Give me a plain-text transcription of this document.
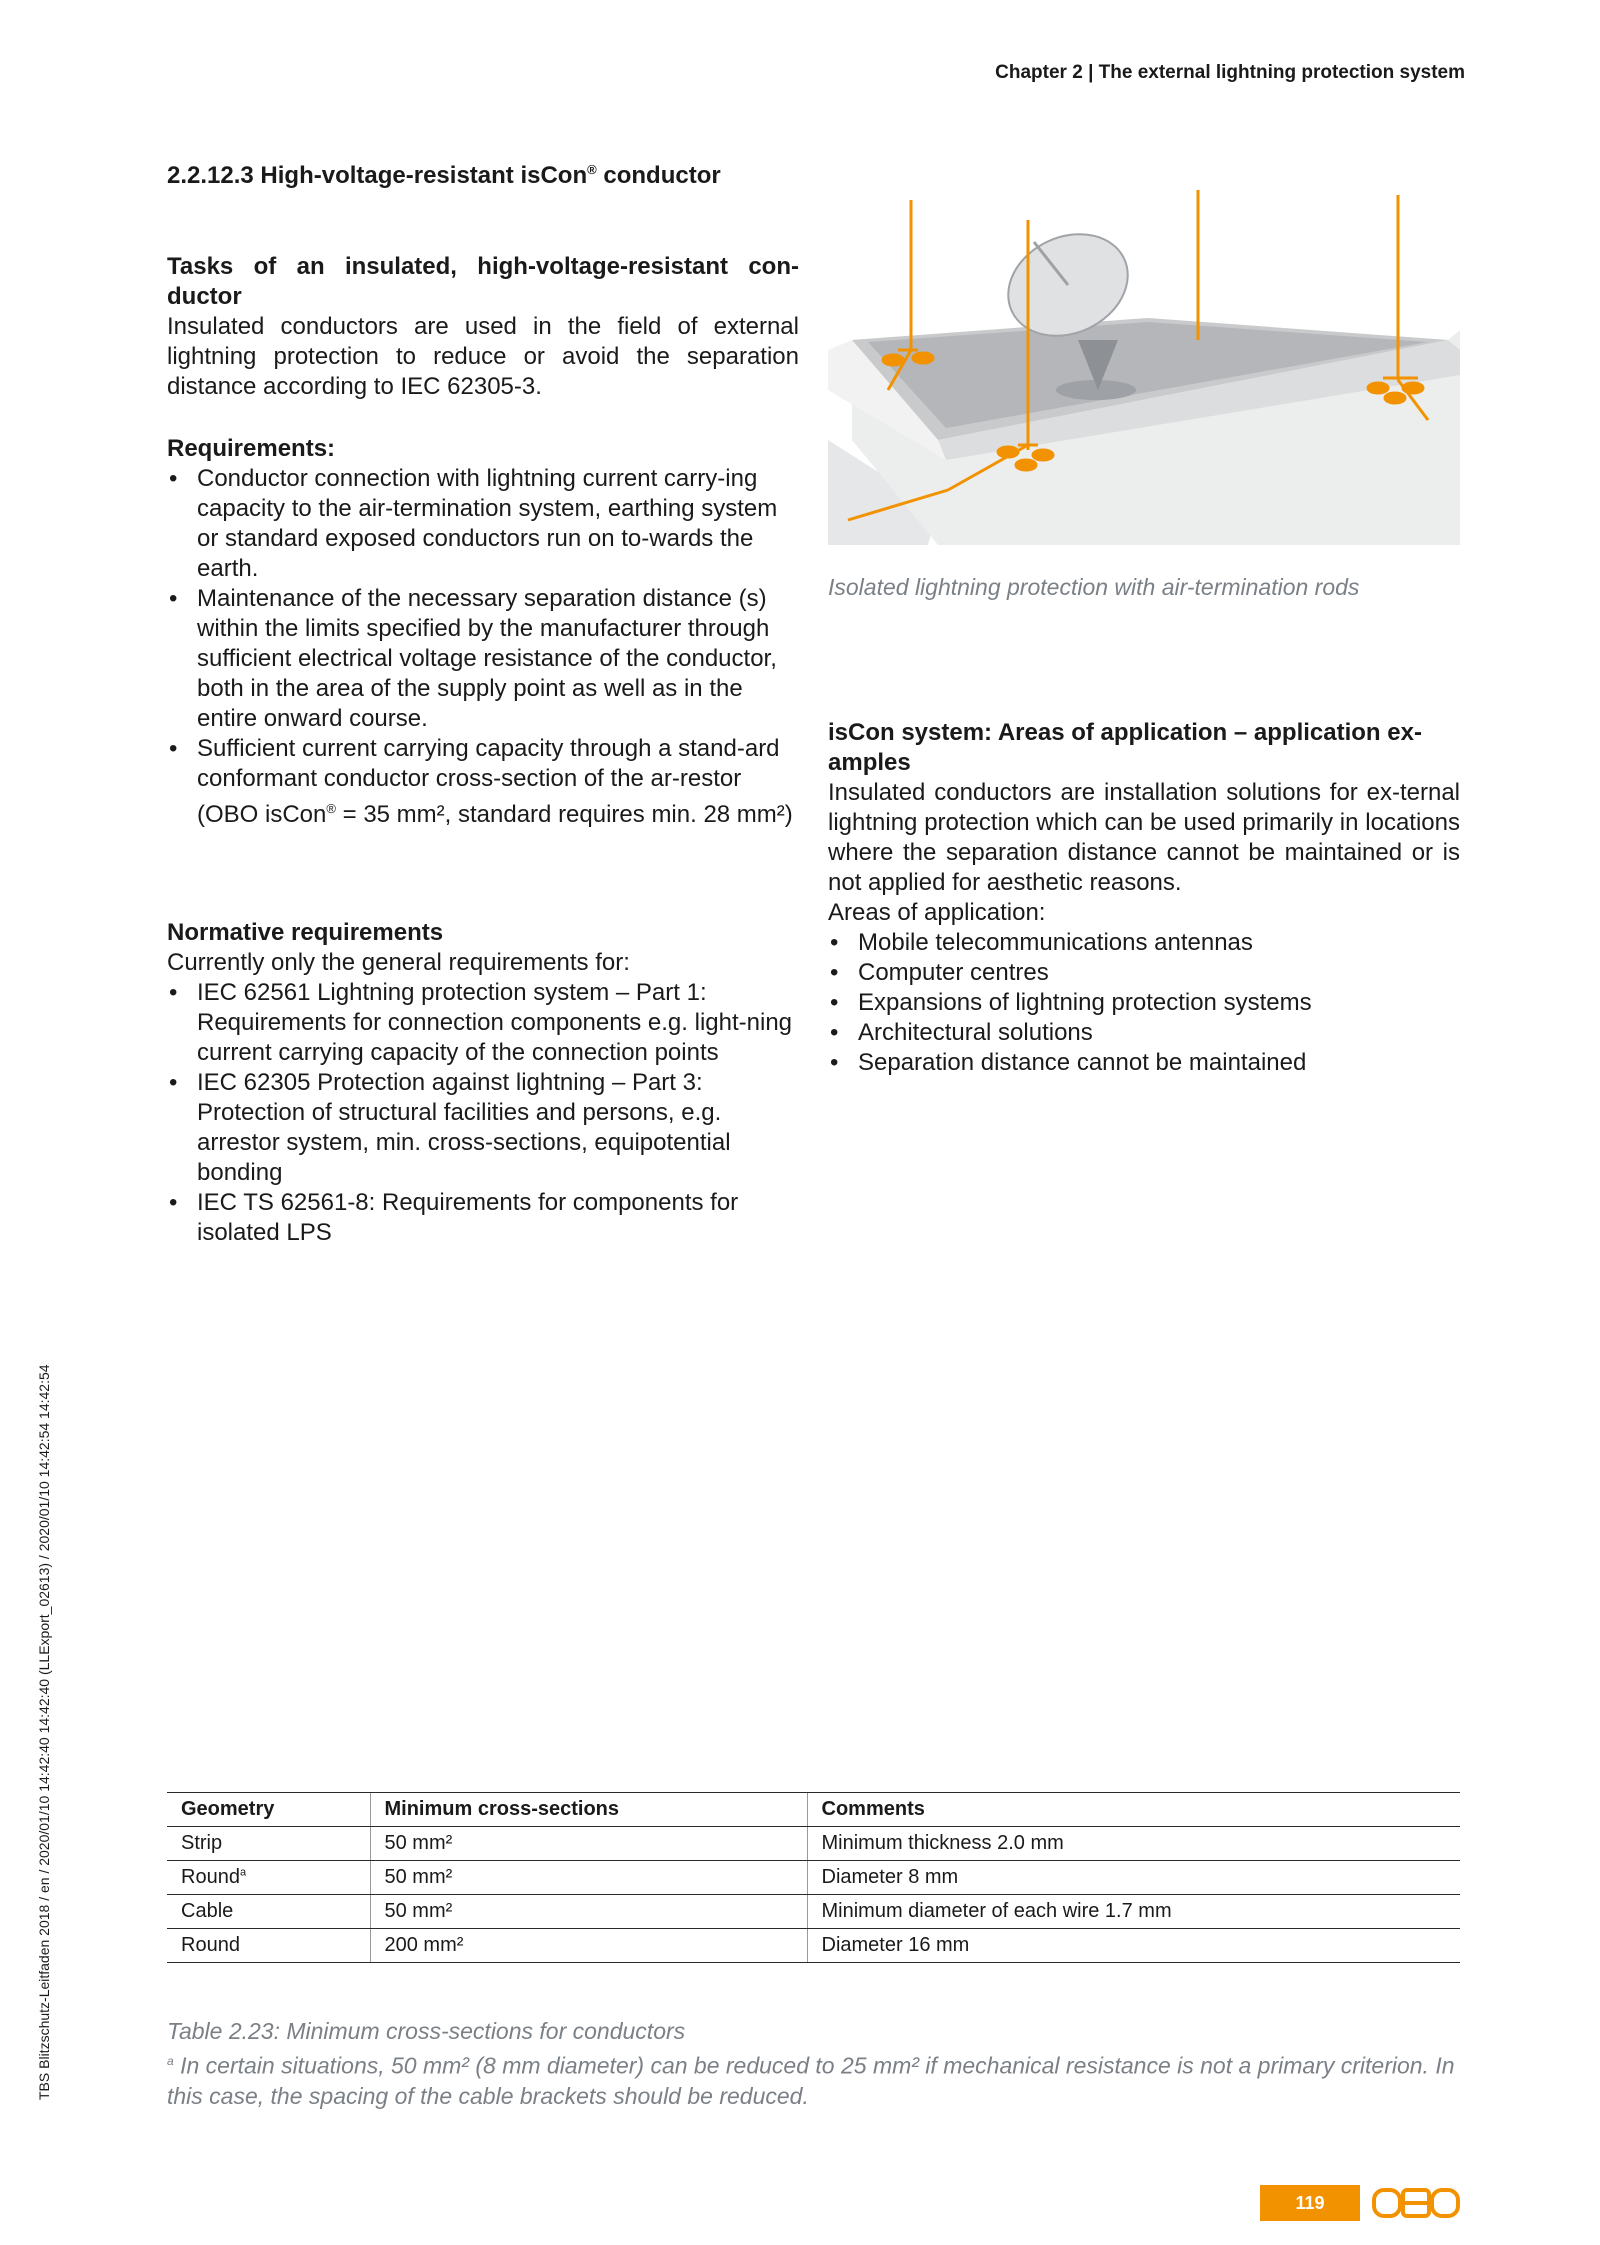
Chapter 2 | The external lightning protection system
2.2.12.3 High-voltage-resistant isCon® conductor

Tasks of an insulated, high-voltage-resistant con-

ductor

Insulated conductors are used in the field of external lightning protection to reduce or avoid the separation distance according to IEC 62305-3.

Requirements:

• Conductor connection with lightning current carry-ing capacity to the air-termination system, earthing system or standard exposed conductors run on to-wards the earth.
• Maintenance of the necessary separation distance (s) within the limits specified by the manufacturer through sufficient electrical voltage resistance of the conductor, both in the area of the supply point as well as in the entire onward course.
• Sufficient current carrying capacity through a stand-ard conformant conductor cross-section of the ar-restor (OBO isCon® = 35 mm², standard requires min. 28 mm²)

Normative requirements

Currently only the general requirements for:

• IEC 62561 Lightning protection system – Part 1: Requirements for connection components e.g. light-ning current carrying capacity of the connection points
• IEC 62305 Protection against lightning – Part 3: Protection of structural facilities and persons, e.g. arrestor system, min. cross-sections, equipotential bonding
• IEC TS 62561-8: Requirements for components for isolated LPS
Isolated lightning protection with air-termination rods

isCon system: Areas of application – application ex-amples

Insulated conductors are installation solutions for ex-ternal lightning protection which can be used primarily in locations where the separation distance cannot be maintained or is not applied for aesthetic reasons.

Areas of application:

• Mobile telecommunications antennas
• Computer centres
• Expansions of lightning protection systems
• Architectural solutions
• Separation distance cannot be maintained
Geometry	Minimum cross-sections	Comments
Strip	50 mm²	Minimum thickness 2.0 mm
Round$^a$	50 mm²	Diameter 8 mm
Cable	50 mm²	Minimum diameter of each wire 1.7 mm
Round	200 mm²	Diameter 16 mm
Table 2.23: Minimum cross-sections for conductors
$^a$ In certain situations, 50 mm² (8 mm diameter) can be reduced to 25 mm² if mechanical resistance is not a primary criterion. In this case, the spacing of the cable brackets should be reduced.
TBS Blitzschutz-Leitfaden 2018 / en / 2020/01/10 14:42:40 14:42:40 (LLExport_02613) / 2020/01/10 14:42:54 14:42:54
119
